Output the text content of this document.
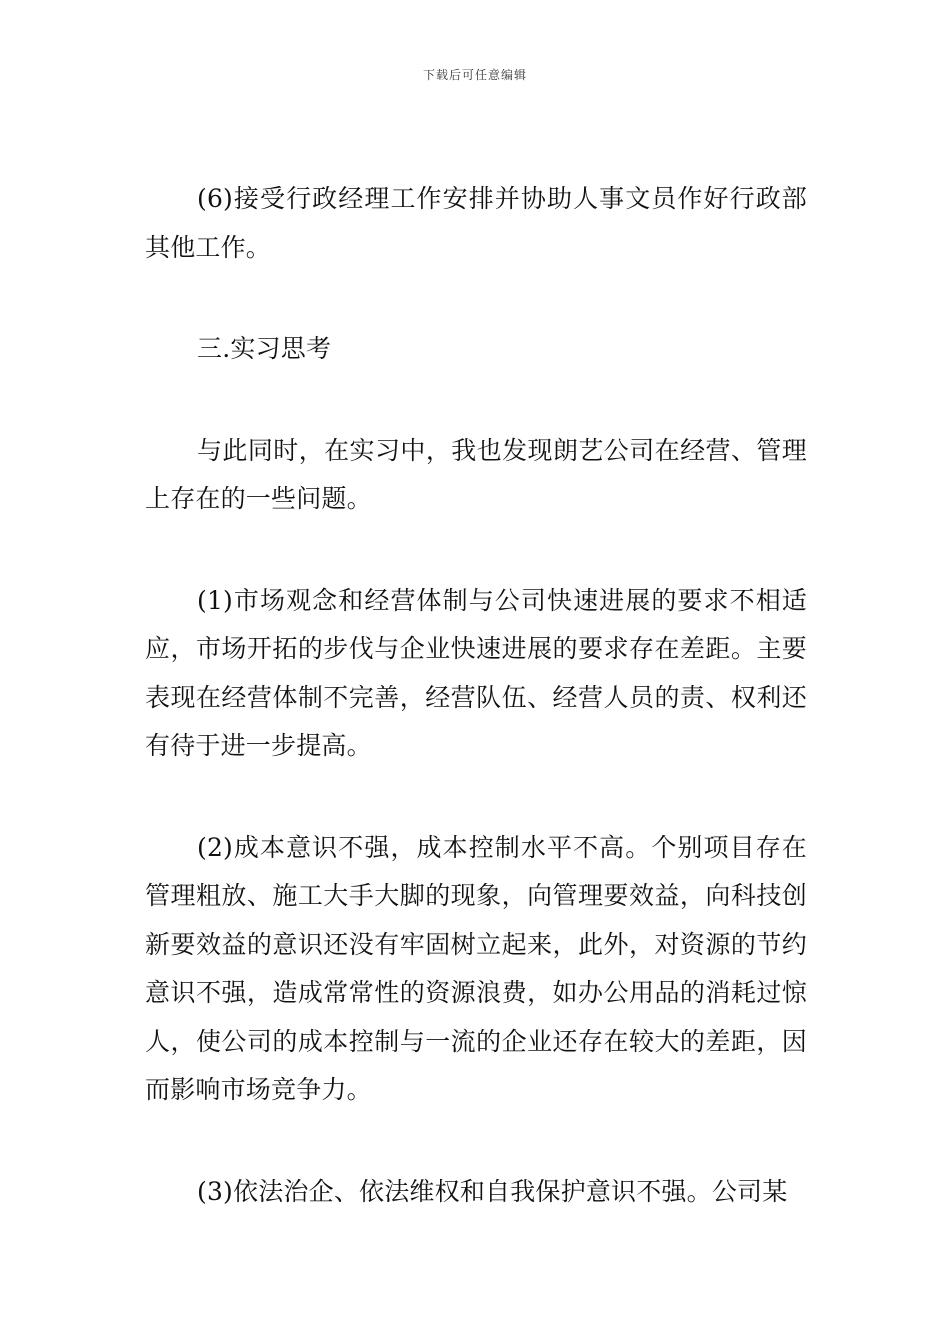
下载后可任意编辑

(6)接受行政经理工作安排并协助人事文员作好行政部其他工作。

三.实习思考

与此同时，在实习中，我也发现朗艺公司在经营、管理上存在的一些问题。

(1)市场观念和经营体制与公司快速进展的要求不相适应，市场开拓的步伐与企业快速进展的要求存在差距。主要表现在经营体制不完善，经营队伍、经营人员的责、权利还有待于进一步提高。

(2)成本意识不强，成本控制水平不高。个别项目存在管理粗放、施工大手大脚的现象，向管理要效益，向科技创新要效益的意识还没有牢固树立起来，此外，对资源的节约意识不强，造成常常性的资源浪费，如办公用品的消耗过惊人，使公司的成本控制与一流的企业还存在较大的差距，因而影响市场竞争力。

(3)依法治企、依法维权和自我保护意识不强。公司某
